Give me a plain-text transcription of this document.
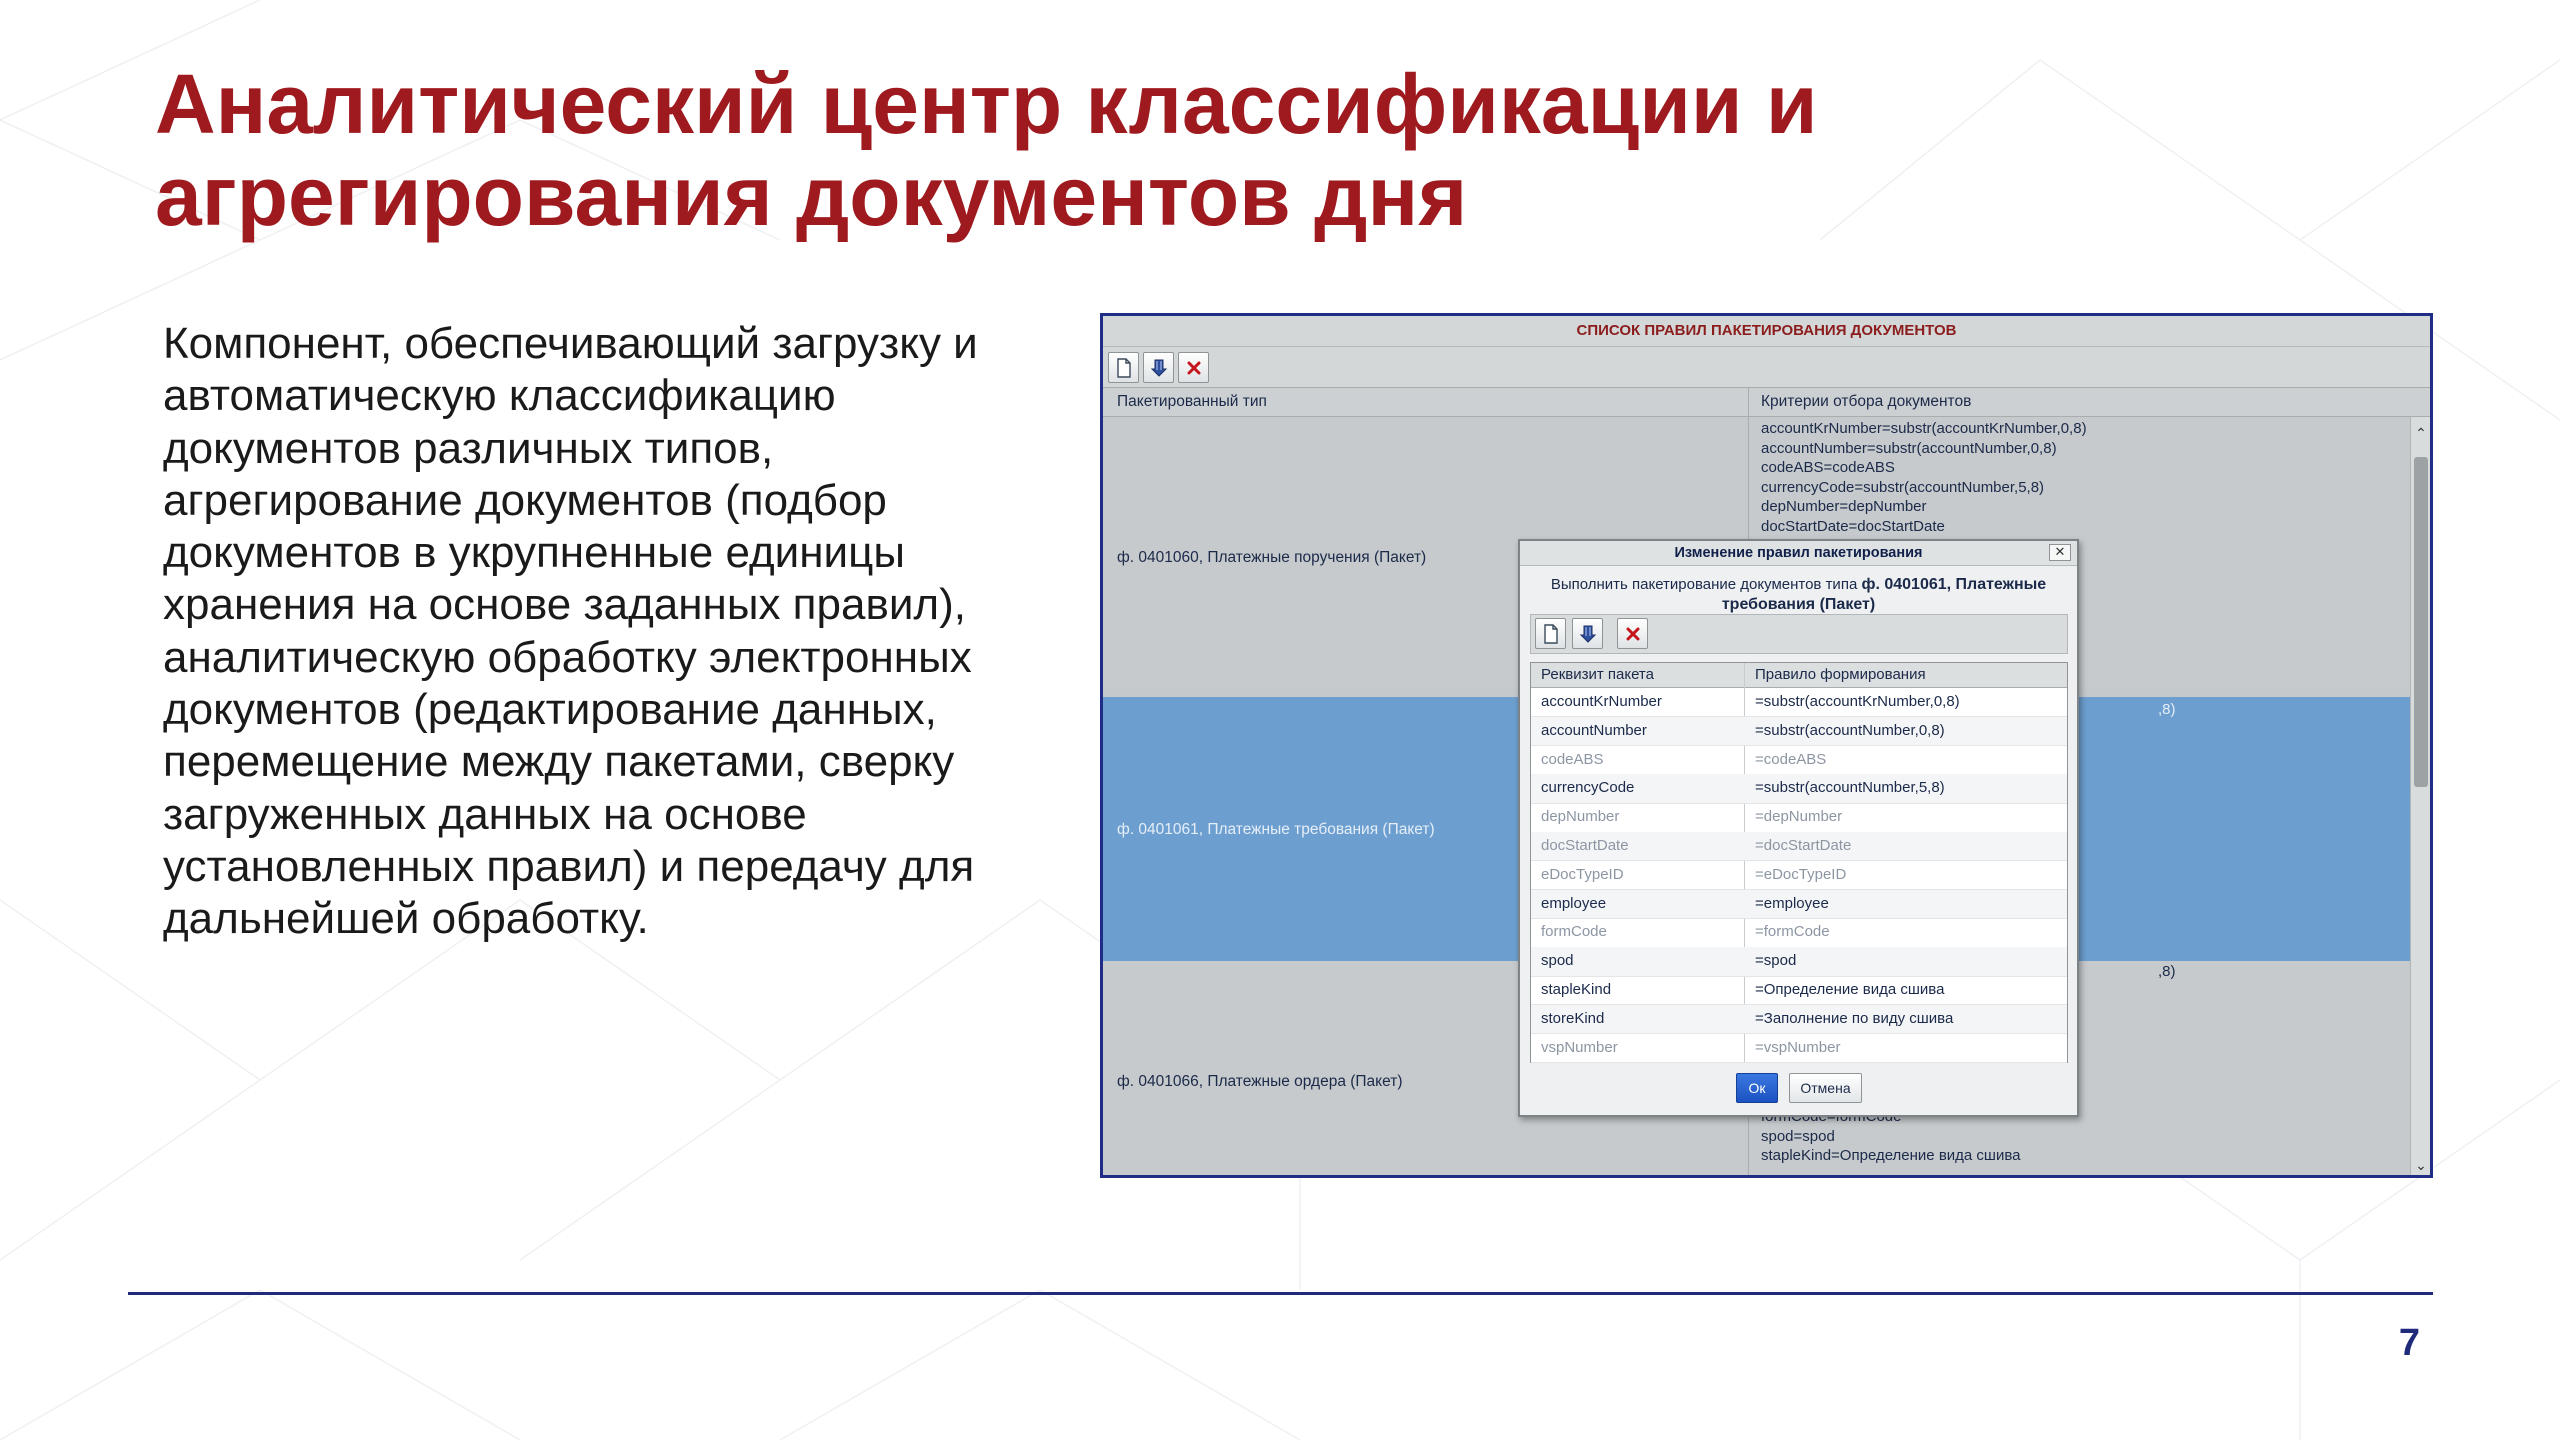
Аналитический центр классификации и
агрегирования документов дня

Компонент, обеспечивающий загрузку и
автоматическую классификацию
документов различных типов,
агрегирование документов (подбор
документов в укрупненные единицы
хранения на основе заданных правил),
аналитическую обработку электронных
документов (редактирование данных,
перемещение между пакетами, сверку
загруженных данных на основе
установленных правил) и передачу для
дальнейшей обработку.

СПИСОК ПРАВИЛ ПАКЕТИРОВАНИЯ ДОКУМЕНТОВ
Пакетированный тип	Критерии отбора документов
ф. 0401060, Платежные поручения (Пакет)
accountKrNumber=substr(accountKrNumber,0,8)
accountNumber=substr(accountNumber,0,8)
codeABS=codeABS
currencyCode=substr(accountNumber,5,8)
depNumber=depNumber
docStartDate=docStartDate
ф. 0401061, Платежные требования (Пакет)
,8)
,8)
ф. 0401066, Платежные ордера (Пакет)
spod=spod
stapleKind=Определение вида сшива
⌃
⌄
Изменение правил пакетирования	✕
Выполнить пакетирование документов типа ф. 0401061, Платежные
требования (Пакет)
Реквизит пакета	Правило формирования
accountKrNumber	=substr(accountKrNumber,0,8)
accountNumber	=substr(accountNumber,0,8)
codeABS	=codeABS
currencyCode	=substr(accountNumber,5,8)
depNumber	=depNumber
docStartDate	=docStartDate
eDocTypeID	=eDocTypeID
employee	=employee
formCode	=formCode
spod	=spod
stapleKind	=Определение вида сшива
storeKind	=Заполнение по виду сшива
vspNumber	=vspNumber
Ок	Отмена
7
